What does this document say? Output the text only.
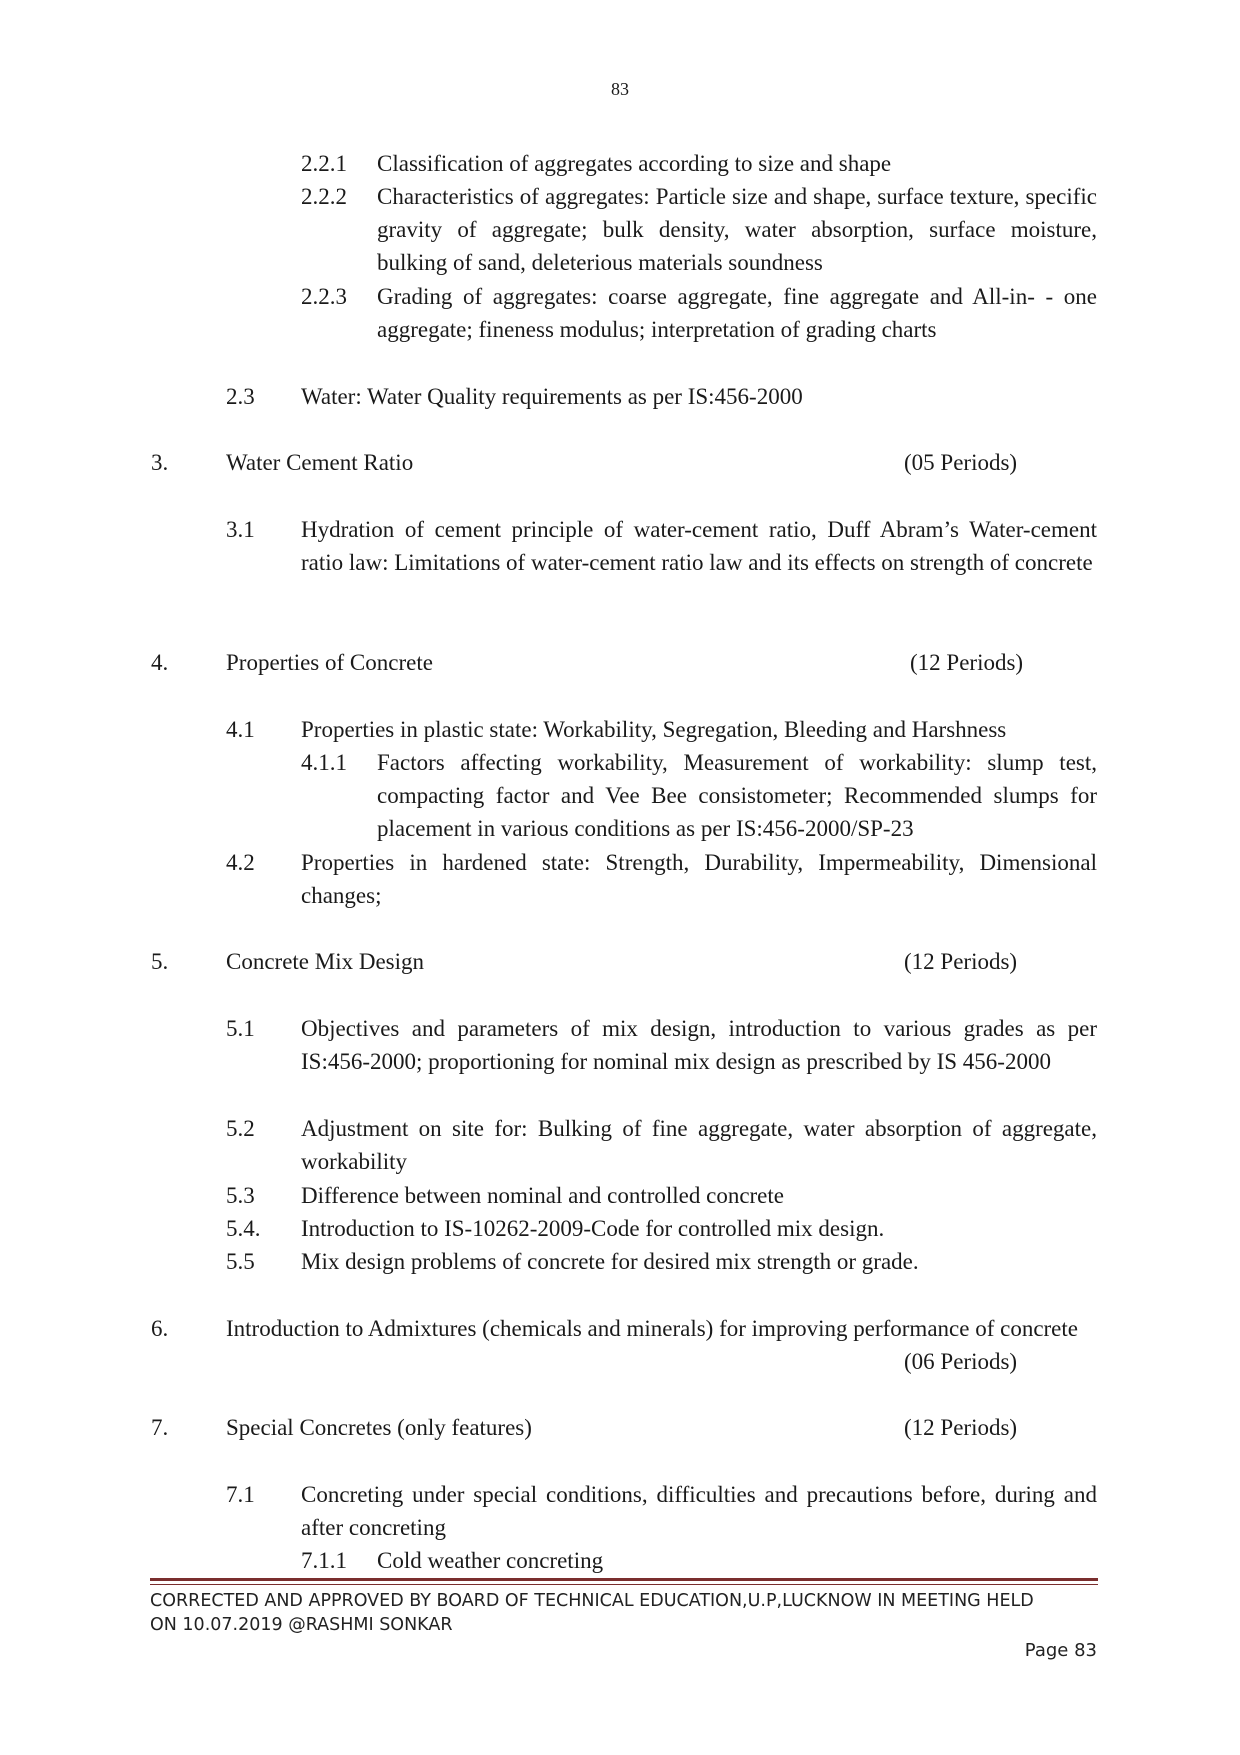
83
2.2.1 Classification of aggregates according to size and shape
2.2.2 Characteristics of aggregates: Particle size and shape, surface texture, specific gravity of aggregate; bulk density, water absorption, surface moisture, bulking of sand, deleterious materials soundness
2.2.3 Grading of aggregates: coarse aggregate, fine aggregate and All-in- - one aggregate; fineness modulus; interpretation of grading charts
2.3 Water: Water Quality requirements as per IS:456-2000
3.	Water Cement Ratio	(05 Periods)
3.1 Hydration of cement principle of water-cement ratio, Duff Abram’s Water-cement ratio law: Limitations of water-cement ratio law and its effects on strength of concrete
4.	Properties of Concrete	(12 Periods)
4.1 Properties in plastic state: Workability, Segregation, Bleeding and Harshness
4.1.1 Factors affecting workability, Measurement of workability: slump test, compacting factor and Vee Bee consistometer; Recommended slumps for placement in various conditions as per IS:456-2000/SP-23
4.2 Properties in hardened state: Strength, Durability, Impermeability, Dimensional changes;
5.	Concrete Mix Design	(12 Periods)
5.1 Objectives and parameters of mix design, introduction to various grades as per IS:456-2000; proportioning for nominal mix design as prescribed by IS 456-2000
5.2 Adjustment on site for: Bulking of fine aggregate, water absorption of aggregate, workability
5.3 Difference between nominal and controlled concrete
5.4. Introduction to IS-10262-2009-Code for controlled mix design.
5.5 Mix design problems of concrete for desired mix strength or grade.
6.	Introduction to Admixtures (chemicals and minerals) for improving performance of concrete
(06 Periods)
7.	Special Concretes (only features)	(12 Periods)
7.1 Concreting under special conditions, difficulties and precautions before, during and after concreting
7.1.1 Cold weather concreting
CORRECTED AND APPROVED BY BOARD OF TECHNICAL EDUCATION,U.P,LUCKNOW IN MEETING HELD
ON 10.07.2019 @RASHMI SONKAR
Page 83
